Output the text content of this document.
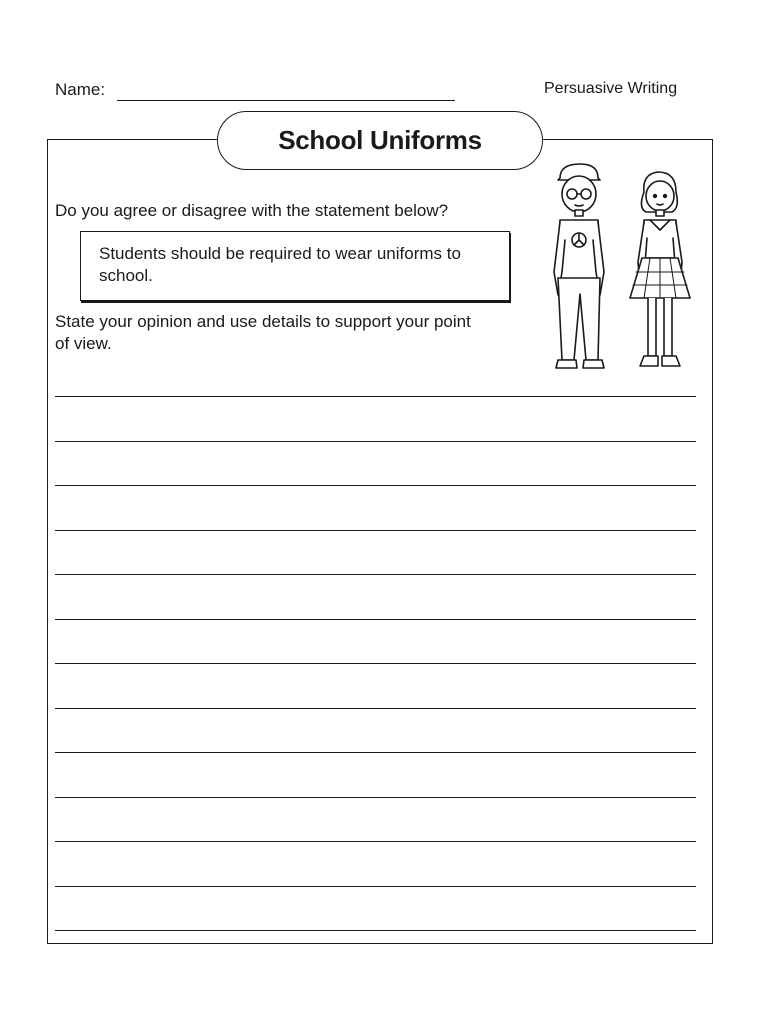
Name:	Persuasive Writing
School Uniforms
Do you agree or disagree with the statement below?
Students should be required to wear uniforms to school.
State your opinion and use details to support your point of view.
